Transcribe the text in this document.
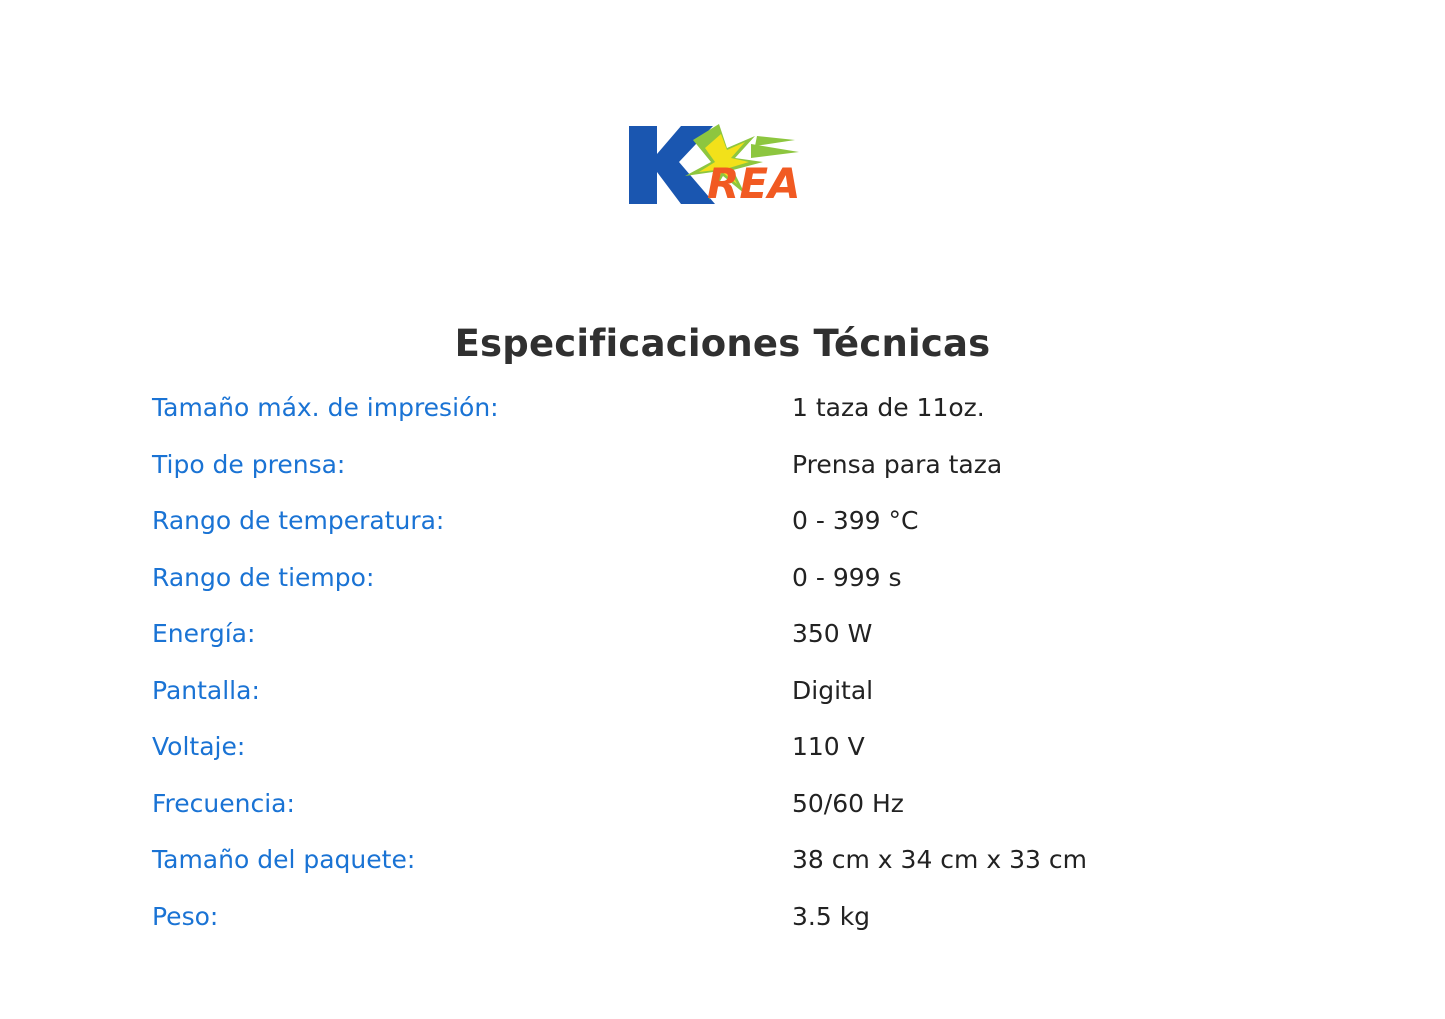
REA
Especificaciones Técnicas
Tamaño máx. de impresión:	1 taza de 11oz.
Tipo de prensa:	Prensa para taza
Rango de temperatura:	0 - 399 °C
Rango de tiempo:	0 - 999 s
Energía:	350 W
Pantalla:	Digital
Voltaje:	110 V
Frecuencia:	50/60 Hz
Tamaño del paquete:	38 cm x 34 cm x 33 cm
Peso:	3.5 kg
